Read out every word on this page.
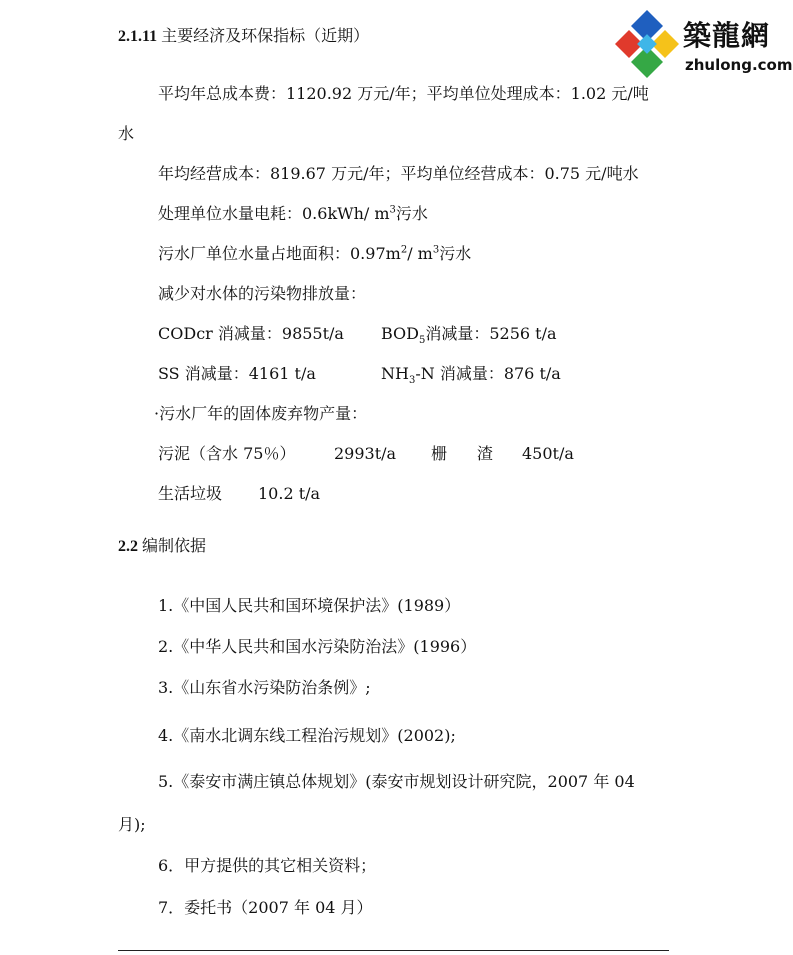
築龍網
zhulong.com
2.1.11 主要经济及环保指标（近期）
平均年总成本费：1120.92 万元/年；平均单位处理成本：1.02 元/吨
水
年均经营成本：819.67 万元/年；平均单位经营成本：0.75 元/吨水
处理单位水量电耗：0.6kWh/ $m^3$污水
污水厂单位水量占地面积：$0.97m^2/$ $m^3$污水
减少对水体的污染物排放量：
CODcr 消减量：9855t/a $BOD_5$消减量：5256 t/a
SS 消减量：4161 t/a	$NH_3-N$ 消减量：876 t/a
·污水厂年的固体废弃物产量：
污泥（含水 75％） 2993t/a 栅 渣 450t/a
生活垃圾 10.2 t/a
2.2 编制依据
1.《中国人民共和国环境保护法》(1989）
2.《中华人民共和国水污染防治法》(1996）
3.《山东省水污染防治条例》;
4.《南水北调东线工程治污规划》(2002);
5.《泰安市满庄镇总体规划》(泰安市规划设计研究院，2007 年 04
月);
6．甲方提供的其它相关资料；
7．委托书（2007 年 04 月）
